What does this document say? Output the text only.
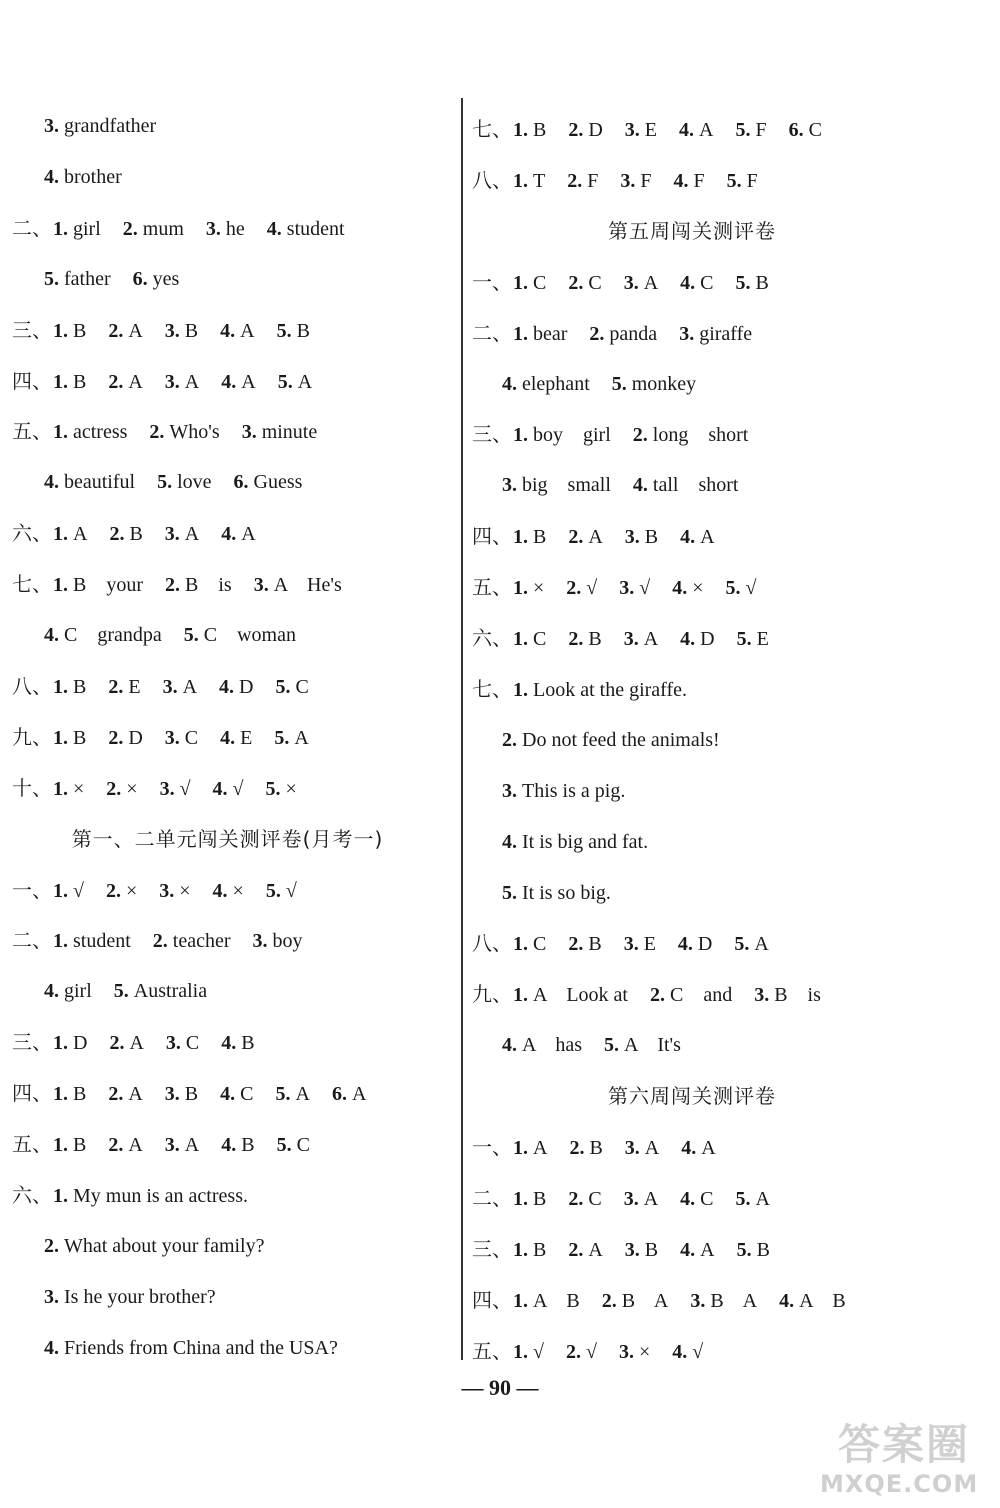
3. grandfather
4. brother
二、1. girl 2. mum 3. he 4. student
5. father 6. yes
三、1. B 2. A 3. B 4. A 5. B
四、1. B 2. A 3. A 4. A 5. A
五、1. actress 2. Who's 3. minute
4. beautiful 5. love 6. Guess
六、1. A 2. B 3. A 4. A
七、1. B    your 2. B    is 3. A    He's
4. C    grandpa 5. C    woman
八、1. B 2. E 3. A 4. D 5. C
九、1. B 2. D 3. C 4. E 5. A
十、1. × 2. × 3. √ 4. √ 5. ×
第一、二单元闯关测评卷(月考一)
一、1. √ 2. × 3. × 4. × 5. √
二、1. student 2. teacher 3. boy
4. girl 5. Australia
三、1. D 2. A 3. C 4. B
四、1. B 2. A 3. B 4. C 5. A 6. A
五、1. B 2. A 3. A 4. B 5. C
六、1. My mun is an actress.
2. What about your family?
3. Is he your brother?
4. Friends from China and the USA?
七、1. B 2. D 3. E 4. A 5. F 6. C
八、1. T 2. F 3. F 4. F 5. F
第五周闯关测评卷
一、1. C 2. C 3. A 4. C 5. B
二、1. bear 2. panda 3. giraffe
4. elephant 5. monkey
三、1. boy    girl 2. long    short
3. big    small 4. tall    short
四、1. B 2. A 3. B 4. A
五、1. × 2. √ 3. √ 4. × 5. √
六、1. C 2. B 3. A 4. D 5. E
七、1. Look at the giraffe.
2. Do not feed the animals!
3. This is a pig.
4. It is big and fat.
5. It is so big.
八、1. C 2. B 3. E 4. D 5. A
九、1. A    Look at 2. C    and 3. B    is
4. A    has 5. A    It's
第六周闯关测评卷
一、1. A 2. B 3. A 4. A
二、1. B 2. C 3. A 4. C 5. A
三、1. B 2. A 3. B 4. A 5. B
四、1. A    B 2. B    A 3. B    A 4. A    B
五、1. √ 2. √ 3. × 4. √
— 90 —
答案圈
MXQE.COM
